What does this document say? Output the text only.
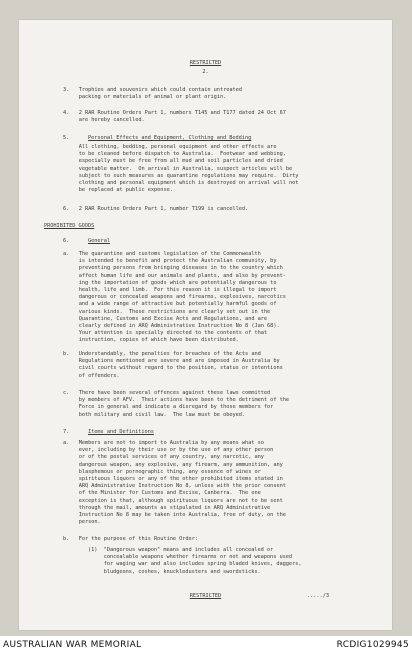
RESTRICTED

2.

3.   Trophies and souvenirs which could contain untreated
packing or materials of animal or plant origin.

4.   2 RAR Routine Orders Part 1, numbers T145 and T177 dated 24 Oct 67
are hereby cancelled.

5.	Personal Effects and Equipment, Clothing and Bedding

All clothing, bedding, personal equipment and other effects are
to be cleaned before dispatch to Australia.  Footwear and webbing,
especially must be free from all mud and soil particles and dried
vegetable matter.  On arrival in Australia, suspect articles will be
subject to such measures as quarantine regulations may require.  Dirty
clothing and personal equipment which is destroyed on arrival will not
be replaced at public expense.

6.   2 RAR Routine Orders Part 1, number T199 is cancelled.

PROHIBITED GOODS

6.	General

a.   The quarantine and customs legislation of the Commonwealth
is intended to benefit and protect the Australian community, by
preventing persons from bringing diseases in to the country which
affect human life and our animals and plants, and also by prevent-
ing the importation of goods which are potentially dangerous to
health, life and limb.  For this reason it is illegal to import
dangerous or concealed weapons and firearms, explosives, narcotics
and a wide range of attractive but potentially harmful goods of
various kinds.  These restrictions are clearly set out in the
Quarantine, Customs and Excise Acts and Regulations, and are
clearly defined in ARQ Administrative Instruction No 8 (Jan 68).
Your attention is specially directed to the contents of that
instruction, copies of which have been distributed.

b.   Understandably, the penalties for breaches of the Acts and
Regulations mentioned are severe and are imposed in Australia by
civil courts without regard to the position, status or intentions
of offenders.

c.   There have been several offences against these laws committed
by members of AFV.  Their actions have been to the detriment of the
Force in general and indicate a disregard by those members for
both military and civil law.  The law must be obeyed.

7.	Items and Definitions

a.   Members are not to import to Australia by any means what so
ever, including by their use or by the use of any other person
or of the postal services of any country, any narcotic, any
dangerous weapon, any explosive, any firearm, any ammunition, any
blasphemous or pornographic thing, any essence of wines or
spirituous liquors or any of the other prohibited items stated in
ARQ Administrative Instruction No 8, unless with the prior consent
of the Minister for Customs and Excise, Canberra.  The one
exception is that, although spirituous liquors are not to be sent
through the mail, amounts as stipulated in ARQ Administrative
Instruction No 8 may be taken into Australia, free of duty, on the
person.

b.   For the purpose of this Routine Order:

(1)  "Dangerous weapon" means and includes all concealed or
concealable weapons whether firearms or not and weapons used
for waging war and also includes spring bladed knives, daggers,
bludgeons, coshes, knuckledusters and swordsticks.

RESTRICTED	...../3

AUSTRALIAN WAR MEMORIAL	RCDIG1029945
